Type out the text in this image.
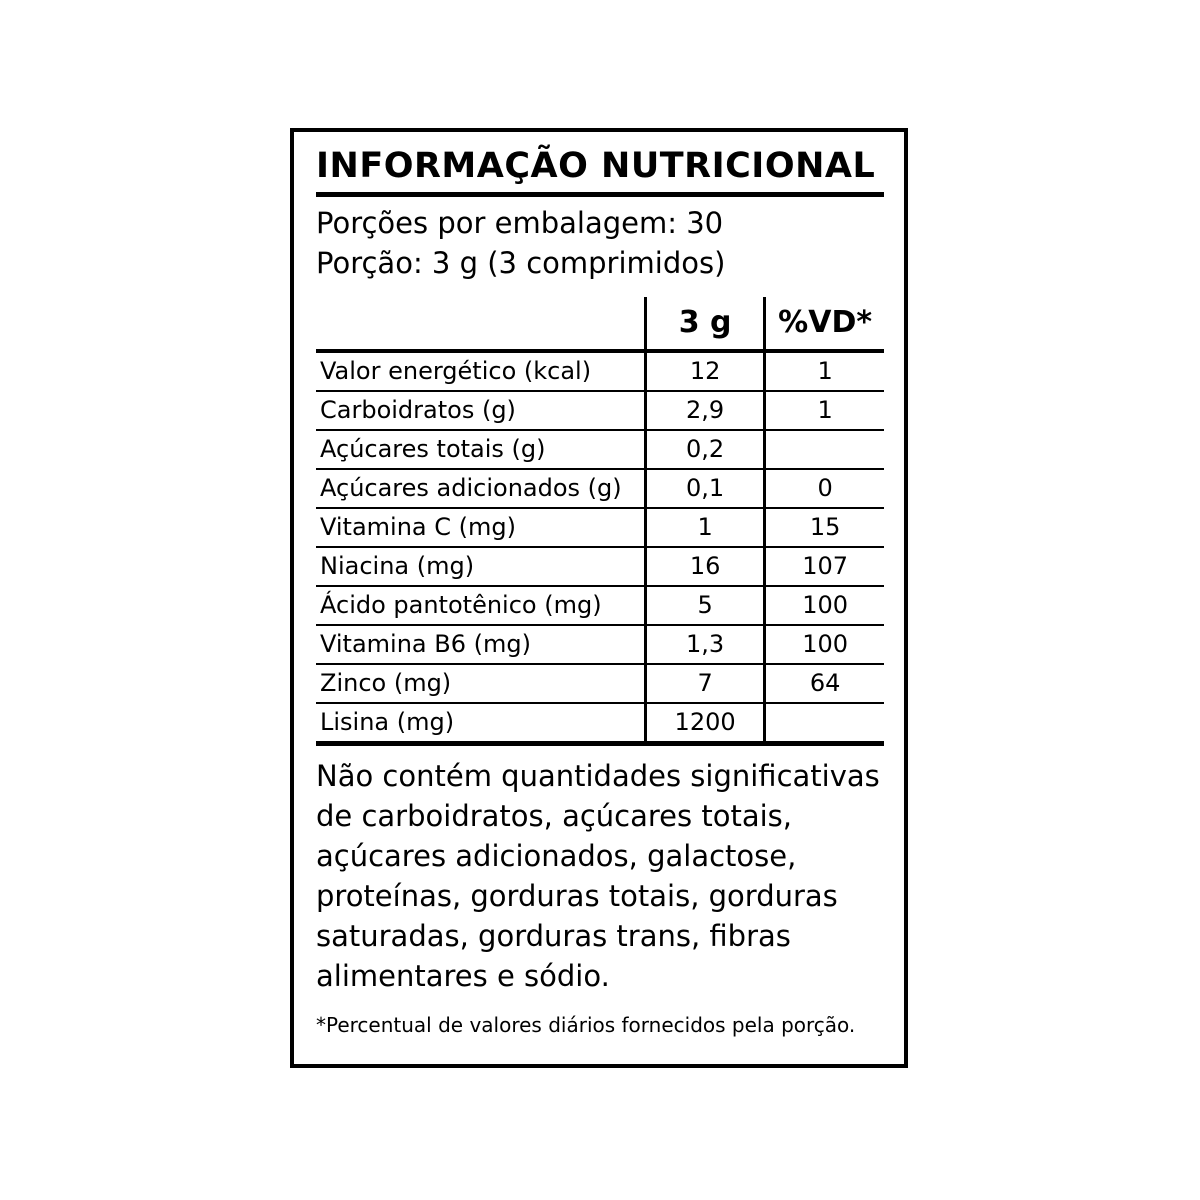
INFORMAÇÃO NUTRICIONAL
Porções por embalagem: 30
Porção: 3 g (3 comprimidos)
	3 g	%VD*
Valor energético (kcal)	12	1
Carboidratos (g)	2,9	1
Açúcares totais (g)	0,2	
Açúcares adicionados (g)	0,1	0
Vitamina C (mg)	1	15
Niacina (mg)	16	107
Ácido pantotênico (mg)	5	100
Vitamina B6 (mg)	1,3	100
Zinco (mg)	7	64
Lisina (mg)	1200	
Não contém quantidades significativas de carboidratos, açúcares totais, açúcares adicionados, galactose, proteínas, gorduras totais, gorduras saturadas, gorduras trans, fibras alimentares e sódio.
*Percentual de valores diários fornecidos pela porção.
